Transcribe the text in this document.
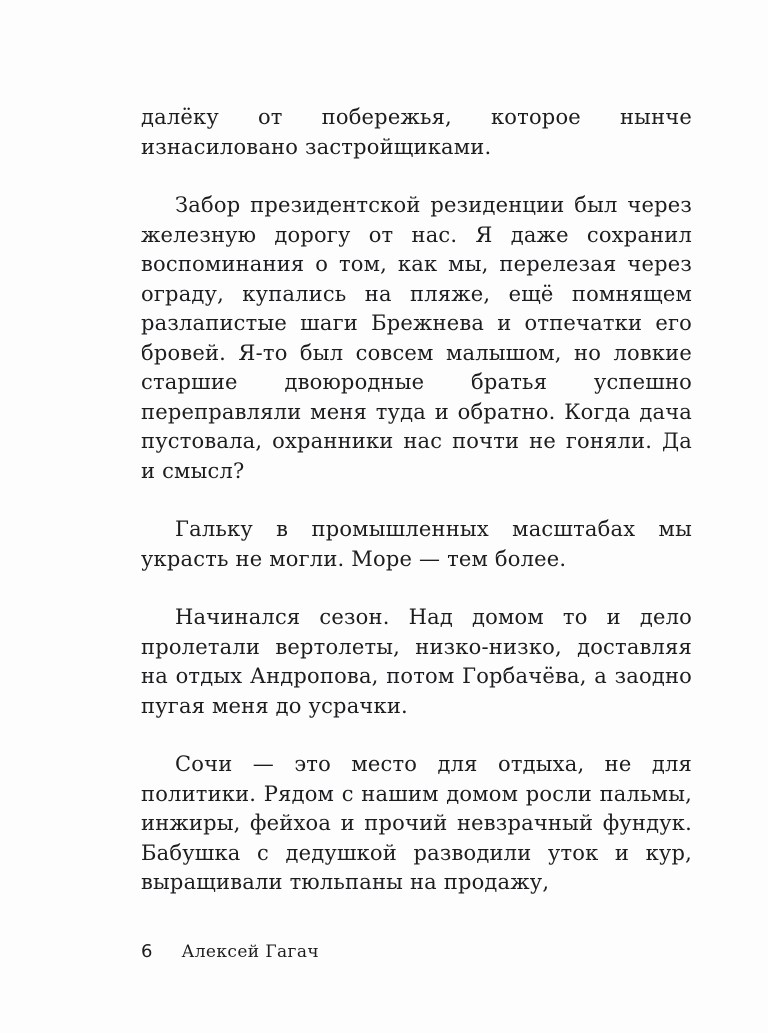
далёку от побережья, которое нынче изнасиловано застройщиками.

Забор президентской резиденции был через железную дорогу от нас. Я даже сохранил воспоминания о том, как мы, перелезая через ограду, купались на пляже, ещё помнящем разлапистые шаги Брежнева и отпечатки его бровей. Я-то был совсем малышом, но ловкие старшие двоюродные братья успешно переправляли меня туда и обратно. Когда дача пустовала, охранники нас почти не гоняли. Да и смысл?

Гальку в промышленных масштабах мы украсть не могли. Море — тем более.

Начинался сезон. Над домом то и дело пролетали вертолеты, низко-низко, доставляя на отдых Андропова, потом Горбачёва, а заодно пугая меня до усрачки.

Сочи — это место для отдыха, не для политики. Рядом с нашим домом росли пальмы, инжиры, фейхоа и прочий невзрачный фундук. Бабушка с дедушкой разводили уток и кур, выращивали тюльпаны на продажу,

6 Алексей Гагач
